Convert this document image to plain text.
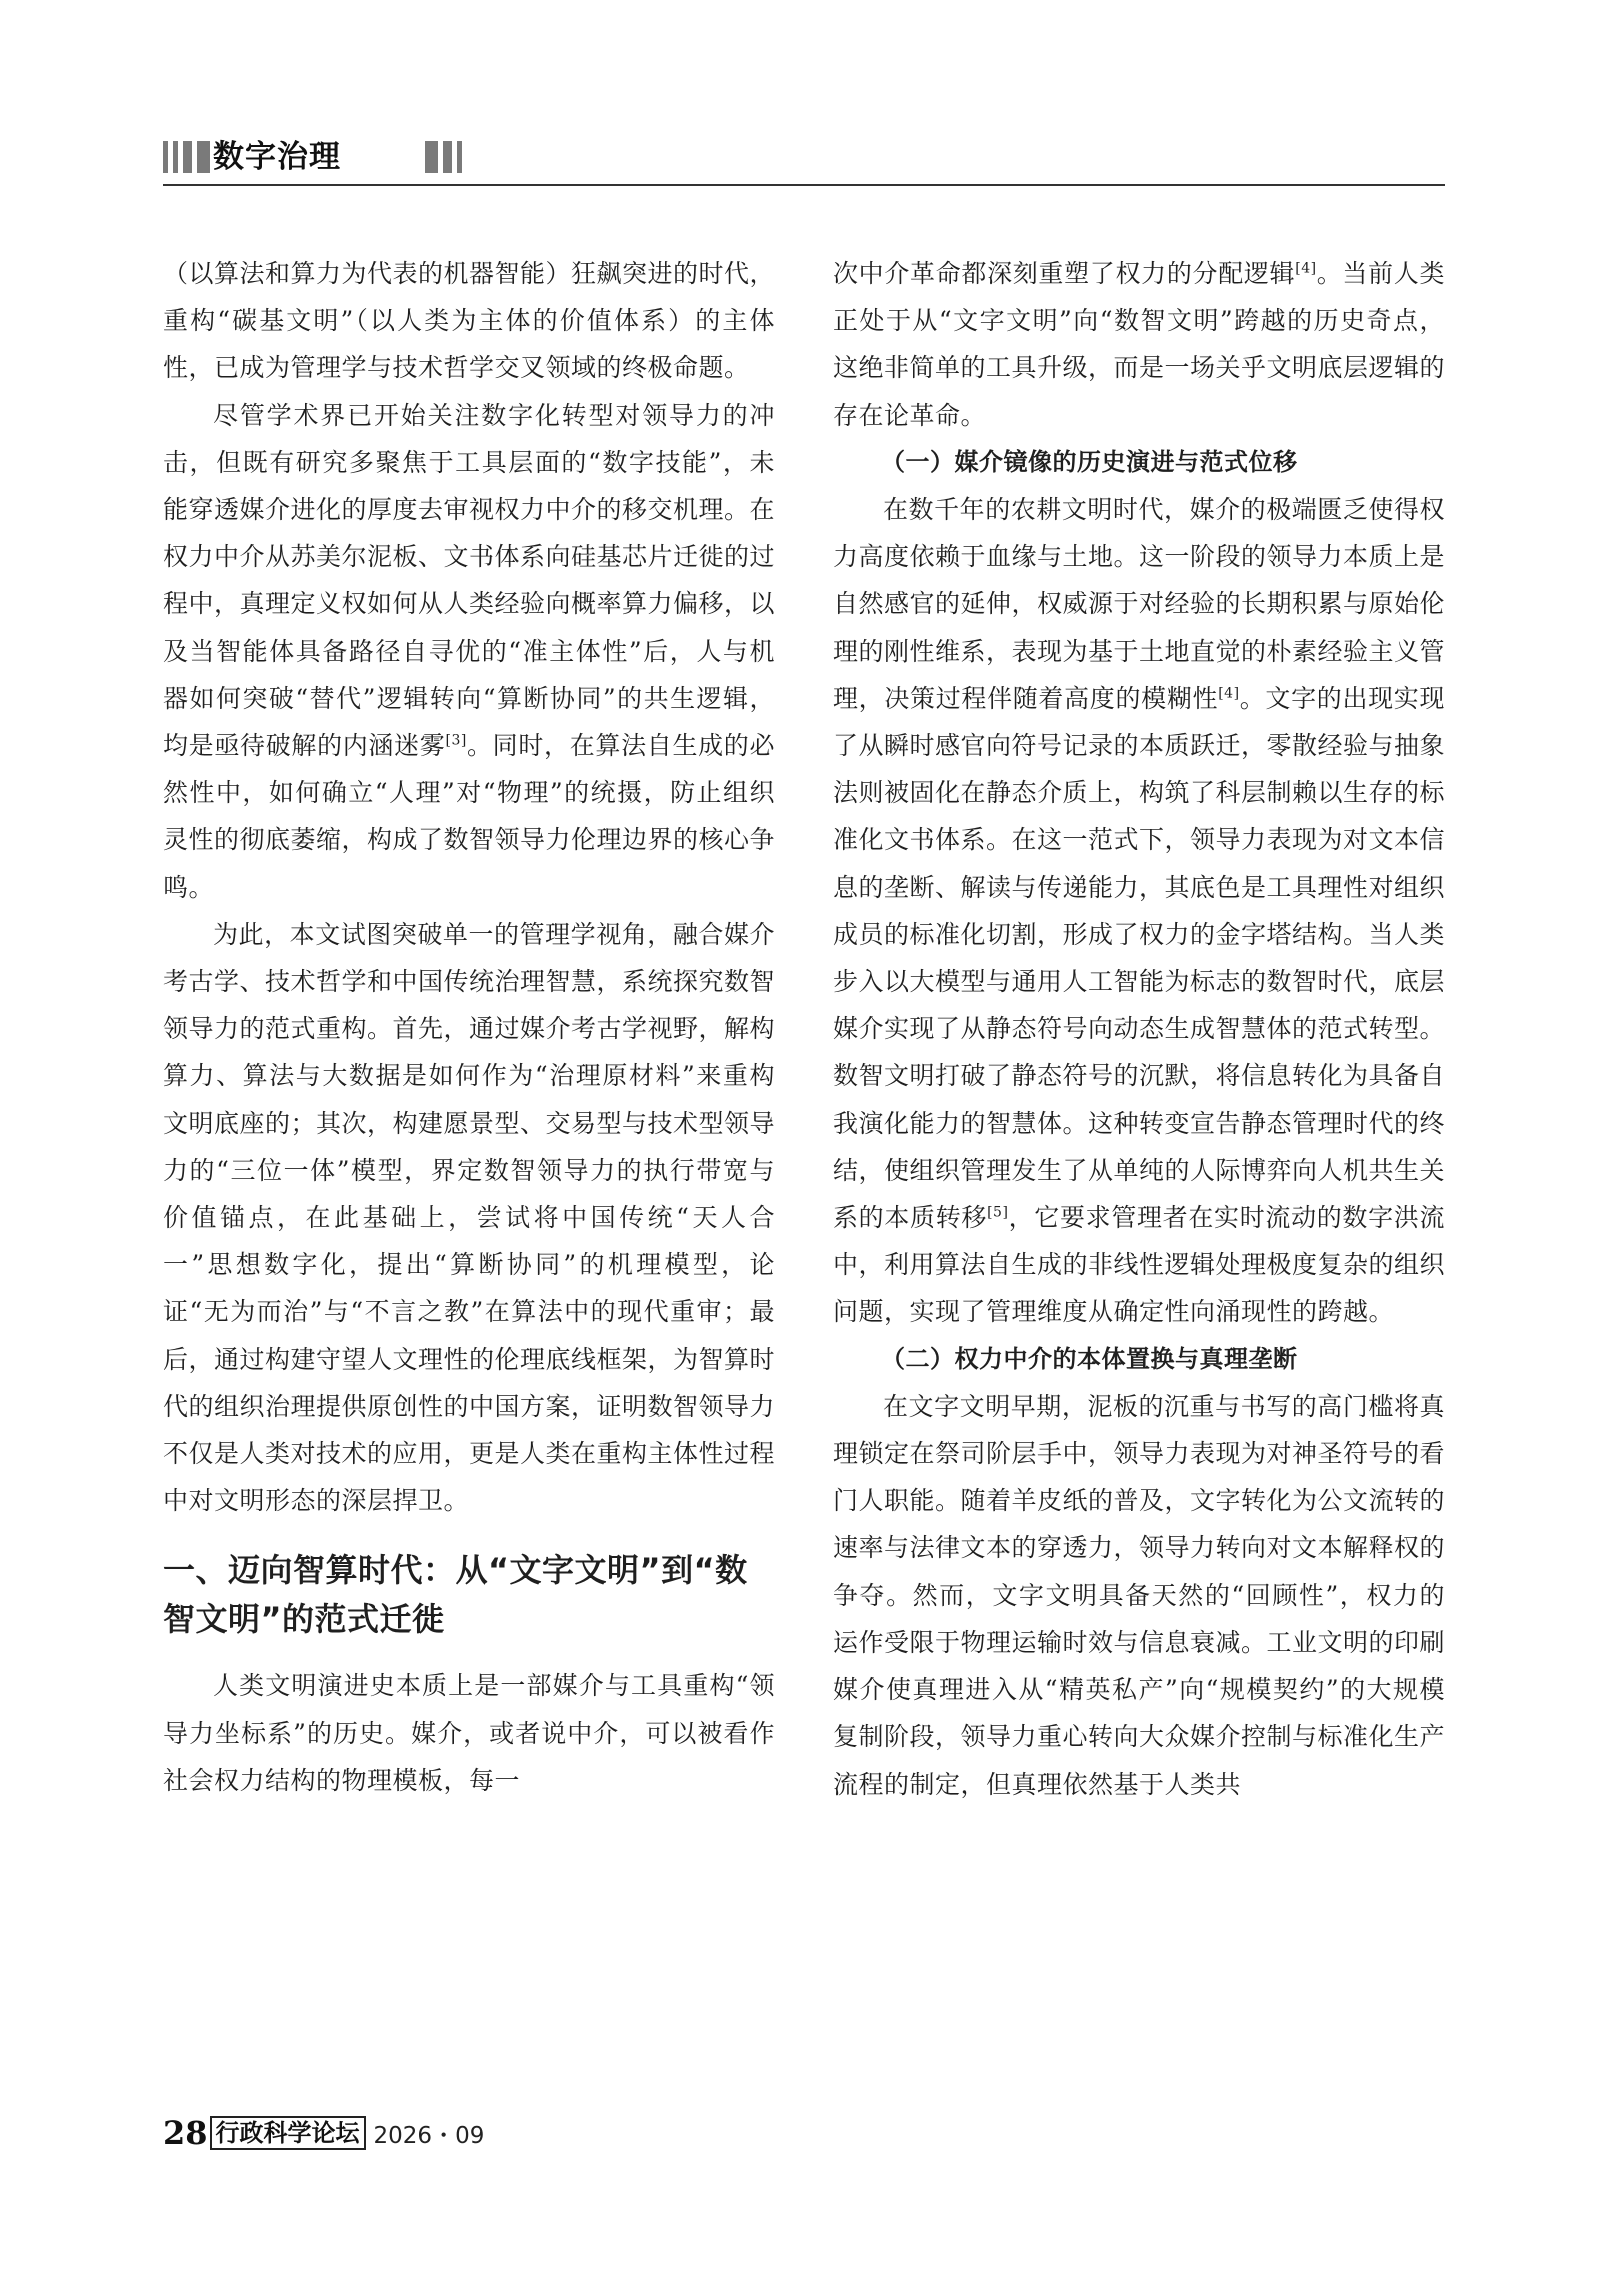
数字治理

（以算法和算力为代表的机器智能）狂飙突进的时代，重构“碳基文明”（以人类为主体的价值体系）的主体性，已成为管理学与技术哲学交叉领域的终极命题。

尽管学术界已开始关注数字化转型对领导力的冲击，但既有研究多聚焦于工具层面的“数字技能”，未能穿透媒介进化的厚度去审视权力中介的移交机理。在权力中介从苏美尔泥板、文书体系向硅基芯片迁徙的过程中，真理定义权如何从人类经验向概率算力偏移，以及当智能体具备路径自寻优的“准主体性”后，人与机器如何突破“替代”逻辑转向“算断协同”的共生逻辑，均是亟待破解的内涵迷雾[3]。同时，在算法自生成的必然性中，如何确立“人理”对“物理”的统摄，防止组织灵性的彻底萎缩，构成了数智领导力伦理边界的核心争鸣。

为此，本文试图突破单一的管理学视角，融合媒介考古学、技术哲学和中国传统治理智慧，系统探究数智领导力的范式重构。首先，通过媒介考古学视野，解构算力、算法与大数据是如何作为“治理原材料”来重构文明底座的；其次，构建愿景型、交易型与技术型领导力的“三位一体”模型，界定数智领导力的执行带宽与价值锚点，在此基础上，尝试将中国传统“天人合一”思想数字化，提出“算断协同”的机理模型，论证“无为而治”与“不言之教”在算法中的现代重审；最后，通过构建守望人文理性的伦理底线框架，为智算时代的组织治理提供原创性的中国方案，证明数智领导力不仅是人类对技术的应用，更是人类在重构主体性过程中对文明形态的深层捍卫。

一、迈向智算时代：从“文字文明”到“数智文明”的范式迁徙

人类文明演进史本质上是一部媒介与工具重构“领导力坐标系”的历史。媒介，或者说中介，可以被看作社会权力结构的物理模板，每一

次中介革命都深刻重塑了权力的分配逻辑[4]。当前人类正处于从“文字文明”向“数智文明”跨越的历史奇点，这绝非简单的工具升级，而是一场关乎文明底层逻辑的存在论革命。

（一）媒介镜像的历史演进与范式位移

在数千年的农耕文明时代，媒介的极端匮乏使得权力高度依赖于血缘与土地。这一阶段的领导力本质上是自然感官的延伸，权威源于对经验的长期积累与原始伦理的刚性维系，表现为基于土地直觉的朴素经验主义管理，决策过程伴随着高度的模糊性[4]。文字的出现实现了从瞬时感官向符号记录的本质跃迁，零散经验与抽象法则被固化在静态介质上，构筑了科层制赖以生存的标准化文书体系。在这一范式下，领导力表现为对文本信息的垄断、解读与传递能力，其底色是工具理性对组织成员的标准化切割，形成了权力的金字塔结构。当人类步入以大模型与通用人工智能为标志的数智时代，底层媒介实现了从静态符号向动态生成智慧体的范式转型。数智文明打破了静态符号的沉默，将信息转化为具备自我演化能力的智慧体。这种转变宣告静态管理时代的终结，使组织管理发生了从单纯的人际博弈向人机共生关系的本质转移[5]，它要求管理者在实时流动的数字洪流中，利用算法自生成的非线性逻辑处理极度复杂的组织问题，实现了管理维度从确定性向涌现性的跨越。

（二）权力中介的本体置换与真理垄断

在文字文明早期，泥板的沉重与书写的高门槛将真理锁定在祭司阶层手中，领导力表现为对神圣符号的看门人职能。随着羊皮纸的普及，文字转化为公文流转的速率与法律文本的穿透力，领导力转向对文本解释权的争夺。然而，文字文明具备天然的“回顾性”，权力的运作受限于物理运输时效与信息衰减。工业文明的印刷媒介使真理进入从“精英私产”向“规模契约”的大规模复制阶段，领导力重心转向大众媒介控制与标准化生产流程的制定，但真理依然基于人类共

28 行政科学论坛 2026・09
